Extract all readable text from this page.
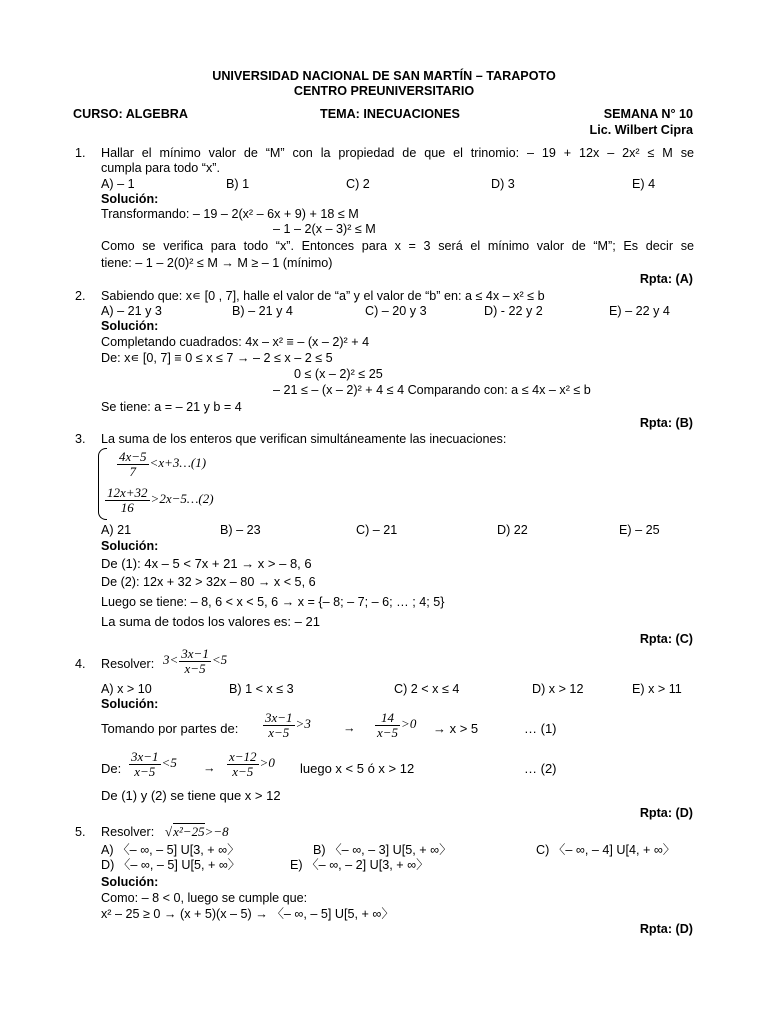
UNIVERSIDAD NACIONAL DE SAN MARTÍN – TARAPOTO
CENTRO PREUNIVERSITARIO
CURSO: ALGEBRA	TEMA: INECUACIONES	SEMANA N° 10
Lic. Wilbert Cipra
1. Hallar el mínimo valor de “M” con la propiedad de que el trinomio: – 19 + 12x – 2x² ≤ M se
cumpla para todo “x”.
A) – 1	B) 1	C) 2	D) 3	E) 4
Solución:
Transformando: – 19 – 2(x² – 6x + 9) + 18 ≤ M
– 1 – 2(x – 3)² ≤ M
Como se verifica para todo “x”. Entonces para x = 3 será el mínimo valor de “M”; Es decir se
tiene: – 1 – 2(0)² ≤ M → M ≥ – 1 (mínimo)
Rpta: (A)
2. Sabiendo que: x∊ [0 , 7], halle el valor de “a” y el valor de “b” en: a ≤ 4x – x² ≤ b
A) – 21 y 3	B) – 21 y 4	C) – 20 y 3	D) - 22 y 2	E) – 22 y 4
Solución:
Completando cuadrados: 4x – x² ≡ – (x – 2)² + 4
De: x∊ [0, 7] ≡ 0 ≤ x ≤ 7 → – 2 ≤ x – 2 ≤ 5
0 ≤ (x – 2)² ≤ 25
– 21 ≤ – (x – 2)² + 4 ≤ 4 Comparando con: a ≤ 4x – x² ≤ b
Se tiene: a = – 21 y b = 4
Rpta: (B)
3. La suma de los enteros que verifican simultáneamente las inecuaciones:
$\frac{4x-5}{7}$ <x+3…(1)
$\frac{12x+32}{16}$ >2x−5…(2)
A) 21	B) – 23	C) – 21	D) 22	E) – 25
Solución:
De (1): 4x – 5 < 7x + 21 → x > – 8, 6
De (2): 12x + 32 > 32x – 80 → x < 5, 6
Luego se tiene: – 8, 6 < x < 5, 6 → x = {– 8; – 7; – 6; … ; 4; 5}
La suma de todos los valores es: – 21
Rpta: (C)
4. Resolver: $3< \frac{3x-1}{x-5} <5$
A) x > 10	B) 1 < x ≤ 3	C) 2 < x ≤ 4	D) x > 12	E) x > 11
Solución:
Tomando por partes de: $\frac{3x-1}{x-5} >3$	→ $\frac{14}{x-5} >0 \to x > 5$	… (1)
De: $\frac{3x-1}{x-5} <5 \to \frac{x-12}{x-5} >0$ luego x < 5 ó x > 12	… (2)
De (1) y (2) se tiene que x > 12
Rpta: (D)
5. Resolver: √x²−25>−8
A) 〈– ∞, – 5] U[3, + ∞〉	B) 〈– ∞, – 3] U[5, + ∞〉	C) 〈– ∞, – 4] U[4, + ∞〉
D) 〈– ∞, – 5] U[5, + ∞〉	E) 〈– ∞, – 2] U[3, + ∞〉
Solución:
Como: – 8 < 0, luego se cumple que:
x² – 25 ≥ 0 → (x + 5)(x – 5) → 〈– ∞, – 5] U[5, + ∞〉
Rpta: (D)
